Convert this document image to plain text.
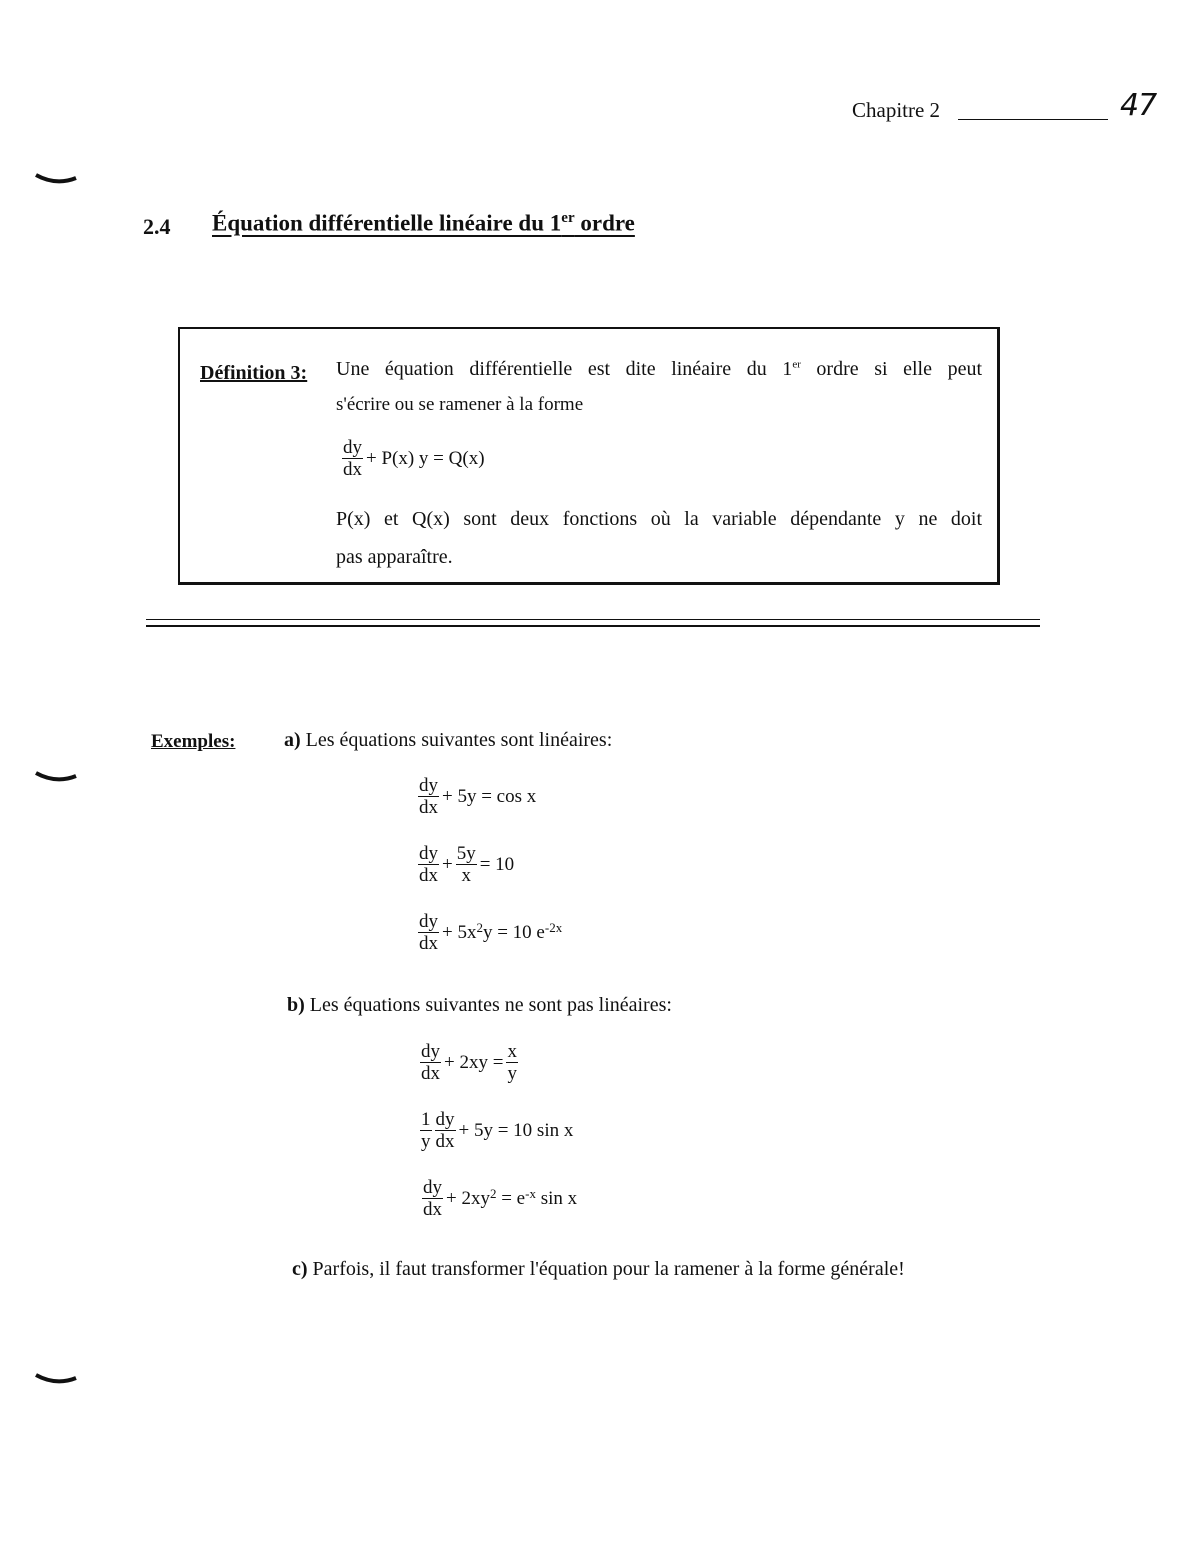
Chapitre 2	47
2.4 Équation différentielle linéaire du 1er ordre
Définition 3: Une équation différentielle est dite linéaire du 1er ordre si elle peut
s'écrire ou se ramener à la forme
$\frac{dy}{dx} + P(x) y = Q(x)$
P(x) et Q(x) sont deux fonctions où la variable dépendante y ne doit
pas apparaître.
Exemples: a) Les équations suivantes sont linéaires:
$\frac{dy}{dx} + 5y = \cos x$
$\frac{dy}{dx} + \frac{5y}{x} = 10$
$\frac{dy}{dx} + 5x^2$ y = 10 $e^{-2x}$
b) Les équations suivantes ne sont pas linéaires:
$\frac{dy}{dx} + 2xy = \frac{x}{y}$
$\frac{1}{y} \frac{dy}{dx} + 5y = 10$ sin x
$\frac{dy}{dx} + 2xy^2 = e^{-x}$ sin x
c) Parfois, il faut transformer l'équation pour la ramener à la forme générale!
